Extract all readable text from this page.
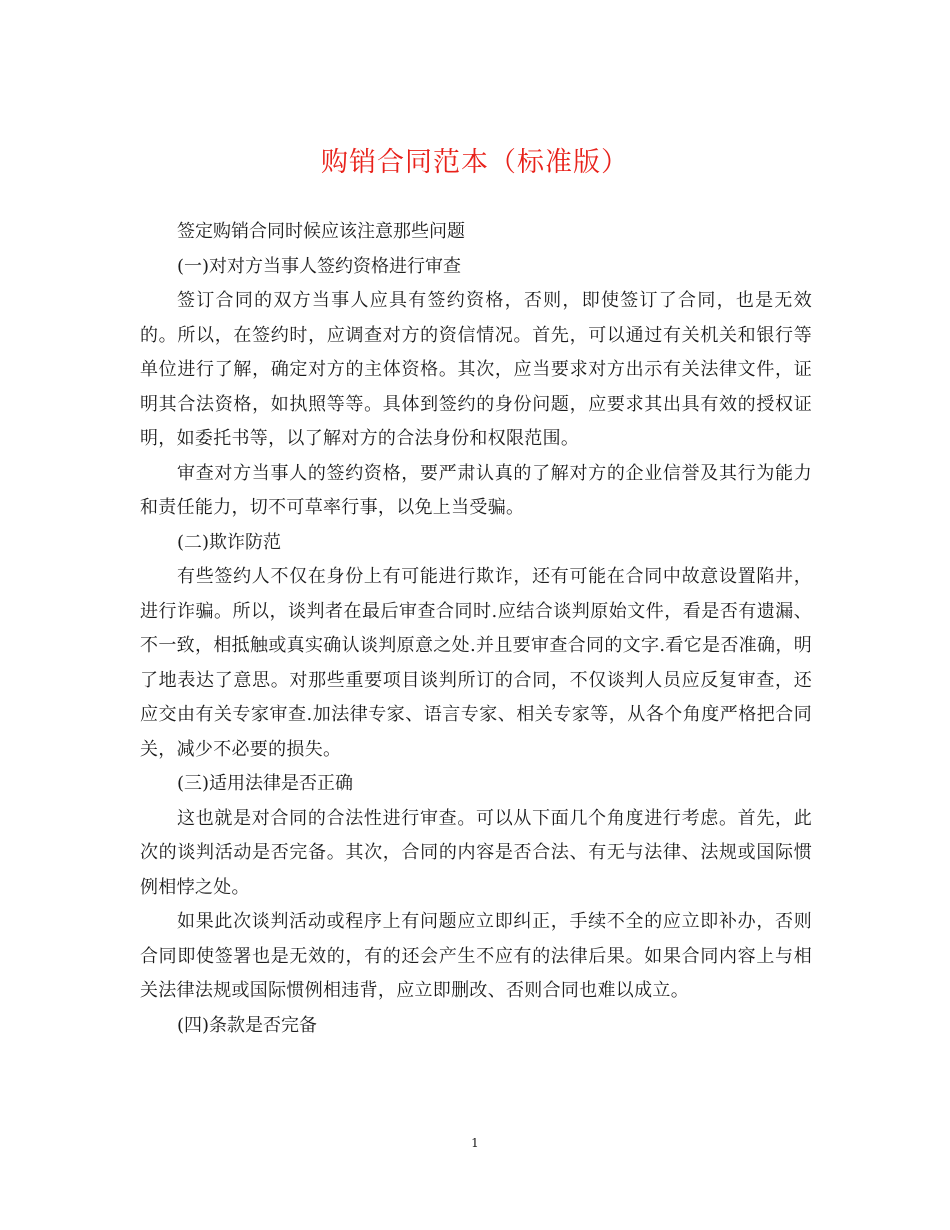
购销合同范本（标准版）

签定购销合同时候应该注意那些问题

(一)对对方当事人签约资格进行审查

签订合同的双方当事人应具有签约资格，否则，即使签订了合同，也是无效的。所以，在签约时，应调查对方的资信情况。首先，可以通过有关机关和银行等单位进行了解，确定对方的主体资格。其次，应当要求对方出示有关法律文件，证明其合法资格，如执照等等。具体到签约的身份问题，应要求其出具有效的授权证明，如委托书等，以了解对方的合法身份和权限范围。

审查对方当事人的签约资格，要严肃认真的了解对方的企业信誉及其行为能力和责任能力，切不可草率行事，以免上当受骗。

(二)欺诈防范

有些签约人不仅在身份上有可能进行欺诈，还有可能在合同中故意设置陷井，进行诈骗。所以，谈判者在最后审查合同时.应结合谈判原始文件，看是否有遗漏、不一致，相抵触或真实确认谈判原意之处.并且要审查合同的文字.看它是否准确，明了地表达了意思。对那些重要项目谈判所订的合同，不仅谈判人员应反复审查，还应交由有关专家审查.加法律专家、语言专家、相关专家等，从各个角度严格把合同关，减少不必要的损失。

(三)适用法律是否正确

这也就是对合同的合法性进行审查。可以从下面几个角度进行考虑。首先，此次的谈判活动是否完备。其次，合同的内容是否合法、有无与法律、法规或国际惯例相悖之处。

如果此次谈判活动或程序上有问题应立即纠正，手续不全的应立即补办，否则合同即使签署也是无效的，有的还会产生不应有的法律后果。如果合同内容上与相关法律法规或国际惯例相违背，应立即删改、否则合同也难以成立。

(四)条款是否完备

1
